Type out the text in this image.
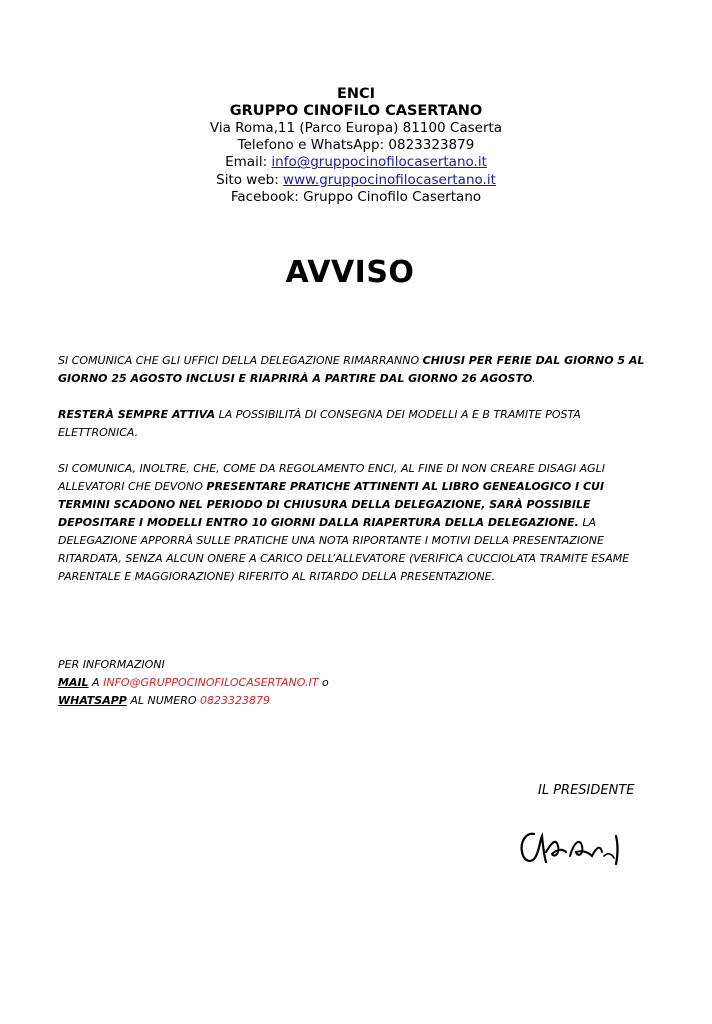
ENCI
GRUPPO CINOFILO CASERTANO
Via Roma,11 (Parco Europa) 81100 Caserta
Telefono e WhatsApp: 0823323879
Email: info@gruppocinofilocasertano.it
Sito web: www.gruppocinofilocasertano.it
Facebook: Gruppo Cinofilo Casertano
AVVISO

SI COMUNICA CHE GLI UFFICI DELLA DELEGAZIONE RIMARRANNO CHIUSI PER FERIE DAL GIORNO 5 AL GIORNO 25 AGOSTO INCLUSI E RIAPRIRÀ A PARTIRE DAL GIORNO 26 AGOSTO.

RESTERÀ SEMPRE ATTIVA LA POSSIBILITÀ DI CONSEGNA DEI MODELLI A E B TRAMITE POSTA ELETTRONICA.

SI COMUNICA, INOLTRE, CHE, COME DA REGOLAMENTO ENCI, AL FINE DI NON CREARE DISAGI AGLI ALLEVATORI CHE DEVONO PRESENTARE PRATICHE ATTINENTI AL LIBRO GENEALOGICO I CUI TERMINI SCADONO NEL PERIODO DI CHIUSURA DELLA DELEGAZIONE, SARÀ POSSIBILE DEPOSITARE I MODELLI ENTRO 10 GIORNI DALLA RIAPERTURA DELLA DELEGAZIONE. LA DELEGAZIONE APPORRÀ SULLE PRATICHE UNA NOTA RIPORTANTE I MOTIVI DELLA PRESENTAZIONE RITARDATA, SENZA ALCUN ONERE A CARICO DELL’ALLEVATORE (VERIFICA CUCCIOLATA TRAMITE ESAME PARENTALE E MAGGIORAZIONE) RIFERITO AL RITARDO DELLA PRESENTAZIONE.

PER INFORMAZIONI
MAIL A INFO@GRUPPOCINOFILOCASERTANO.IT o
WHATSAPP AL NUMERO 0823323879
IL PRESIDENTE
